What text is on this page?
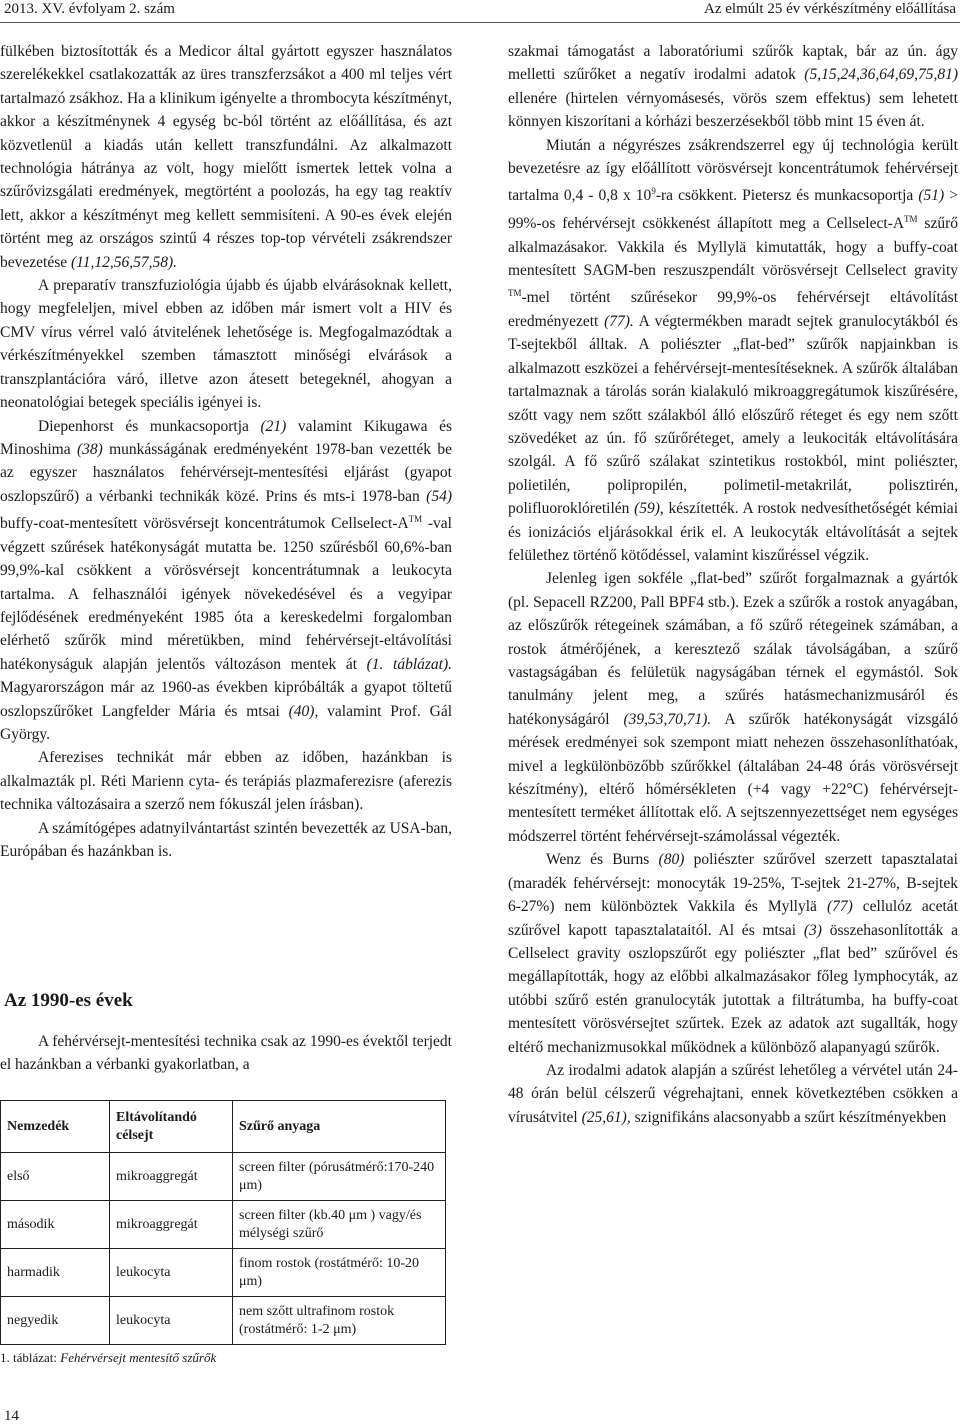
2013. XV. évfolyam 2. szám	Az elmúlt 25 év vérkészítmény előállítása

fülkében biztosították és a Medicor által gyártott egyszer használatos szerelékekkel csatlakozatták az üres transzferzsákot a 400 ml teljes vért tartalmazó zsákhoz. Ha a klinikum igényelte a thrombocyta készítményt, akkor a készítménynek 4 egység bc-ból történt az előállítása, és azt közvetlenül a kiadás után kellett transzfundálni. Az alkalmazott technológia hátránya az volt, hogy mielőtt ismertek lettek volna a szűrővizsgálati eredmények, megtörtént a poolozás, ha egy tag reaktív lett, akkor a készítményt meg kellett semmisíteni. A 90-es évek elején történt meg az országos szintű 4 részes top-top vérvételi zsákrendszer bevezetése (11,12,56,57,58).

A preparatív transzfuziológia újabb és újabb elvárásoknak kellett, hogy megfeleljen, mivel ebben az időben már ismert volt a HIV és CMV vírus vérrel való átvitelének lehetősége is. Megfogalmazódtak a vérkészítményekkel szemben támasztott minőségi elvárások a transzplantációra váró, illetve azon átesett betegeknél, ahogyan a neonatológiai betegek speciális igényei is.

Diepenhorst és munkacsoportja (21) valamint Kikugawa és Minoshima (38) munkásságának eredményeként 1978-ban vezették be az egyszer használatos fehérvérsejt-mentesítési eljárást (gyapot oszlopszűrő) a vérbanki technikák közé. Prins és mts-i 1978-ban (54) buffy-coat-mentesített vörösvérsejt koncentrátumok Cellselect-A™ -val végzett szűrések hatékonyságát mutatta be. 1250 szűrésből 60,6%-ban 99,9%-kal csökkent a vörösvérsejt koncentrátumnak a leukocyta tartalma. A felhasználói igények növekedésével és a vegyipar fejlődésének eredményeként 1985 óta a kereskedelmi forgalomban elérhető szűrők mind méretükben, mind fehérvérsejt-eltávolítási hatékonyságuk alapján jelentős változáson mentek át (1. táblázat). Magyarországon már az 1960-as években kipróbálták a gyapot töltetű oszlopszűrőket Langfelder Mária és mtsai (40), valamint Prof. Gál György.

Aferezises technikát már ebben az időben, hazánkban is alkalmazták pl. Réti Marienn cyta- és terápiás plazmaferezisre (aferezis technika változásaira a szerző nem fókuszál jelen írásban).

A számítógépes adatnyilvántartást szintén bevezették az USA-ban, Európában és hazánkban is.

Az 1990-es évek

A fehérvérsejt-mentesítési technika csak az 1990-es évektől terjedt el hazánkban a vérbanki gyakorlatban, a

Nemzedék	Eltávolítandó célsejt	Szűrő anyaga
első	mikroaggregát	screen filter (pórusátmérő:170-240 μm)
második	mikroaggregát	screen filter (kb.40 μm ) vagy/és mélységi szűrő
harmadik	leukocyta	finom rostok (rostátmérő: 10-20 μm)
negyedik	leukocyta	nem szőtt ultrafinom rostok (rostátmérő: 1-2 μm)
1. táblázat: Fehérvérsejt mentesítő szűrők

szakmai támogatást a laboratóriumi szűrők kaptak, bár az ún. ágy melletti szűrőket a negatív irodalmi adatok (5,15,24,36,64,69,75,81) ellenére (hirtelen vérnyomásesés, vörös szem effektus) sem lehetett könnyen kiszorítani a kórházi beszerzésekből több mint 15 éven át.

Miután a négyrészes zsákrendszerrel egy új technológia került bevezetésre az így előállított vörösvérsejt koncentrátumok fehérvérsejt tartalma 0,4 - 0,8 x $10^9-ra$ csökkent. Pietersz és munkacsoportja (51) > 99%-os fehérvérsejt csökkenést állapított meg a Cellselect-A™ szűrő alkalmazásakor. Vakkila és Myllylä kimutatták, hogy a buffy-coat mentesített SAGM-ben reszuszpendált vörösvérsejt Cellselect gravity ™-mel történt szűrésekor 99,9%-os fehérvérsejt eltávolítást eredményezett (77). A végtermékben maradt sejtek granulocytákból és T-sejtekből álltak. A poliészter „flat-bed” szűrők napjainkban is alkalmazott eszközei a fehérvérsejt-mentesítéseknek. A szűrők általában tartalmaznak a tárolás során kialakuló mikroaggregátumok kiszűrésére, szőtt vagy nem szőtt szálakból álló előszűrő réteget és egy nem szőtt szövedéket az ún. fő szűrőréteget, amely a leukociták eltávolítására szolgál. A fő szűrő szálakat szintetikus rostokból, mint poliészter, polietilén, polipropilén, polimetil-metakrilát, polisztirén, polifluoroklóretilén (59), készítették. A rostok nedvesíthetőségét kémiai és ionizációs eljárásokkal érik el. A leukocyták eltávolítását a sejtek felülethez történő kötődéssel, valamint kiszűréssel végzik.

Jelenleg igen sokféle „flat-bed” szűrőt forgalmaznak a gyártók (pl. Sepacell RZ200, Pall BPF4 stb.). Ezek a szűrők a rostok anyagában, az előszűrők rétegeinek számában, a fő szűrő rétegeinek számában, a rostok átmérőjének, a keresztező szálak távolságában, a szűrő vastagságában és felületük nagyságában térnek el egymástól. Sok tanulmány jelent meg, a szűrés hatásmechanizmusáról és hatékonyságáról (39,53,70,71). A szűrők hatékonyságát vizsgáló mérések eredményei sok szempont miatt nehezen összehasonlíthatóak, mivel a legkülönbözőbb szűrőkkel (általában 24-48 órás vörösvérsejt készítmény), eltérő hőmérsékleten (+4 vagy +22°C) fehérvérsejt-mentesített terméket állítottak elő. A sejtszennyezettséget nem egységes módszerrel történt fehérvérsejt-számolással végezték.

Wenz és Burns (80) poliészter szűrővel szerzett tapasztalatai (maradék fehérvérsejt: monocyták 19-25%, T-sejtek 21-27%, B-sejtek 6-27%) nem különböztek Vakkila és Myllylä (77) cellulóz acetát szűrővel kapott tapasztalataitól. Al és mtsai (3) összehasonlították a Cellselect gravity oszlopszűrőt egy poliészter „flat bed” szűrővel és megállapították, hogy az előbbi alkalmazásakor főleg lymphocyták, az utóbbi szűrő estén granulocyták jutottak a filtrátumba, ha buffy-coat mentesített vörösvérsejtet szűrtek. Ezek az adatok azt sugallták, hogy eltérő mechanizmusokkal működnek a különböző alapanyagú szűrők.

Az irodalmi adatok alapján a szűrést lehetőleg a vérvétel után 24-48 órán belül célszerű végrehajtani, ennek következtében csökken a vírusátvitel (25,61), szignifikáns alacsonyabb a szűrt készítményekben

14
